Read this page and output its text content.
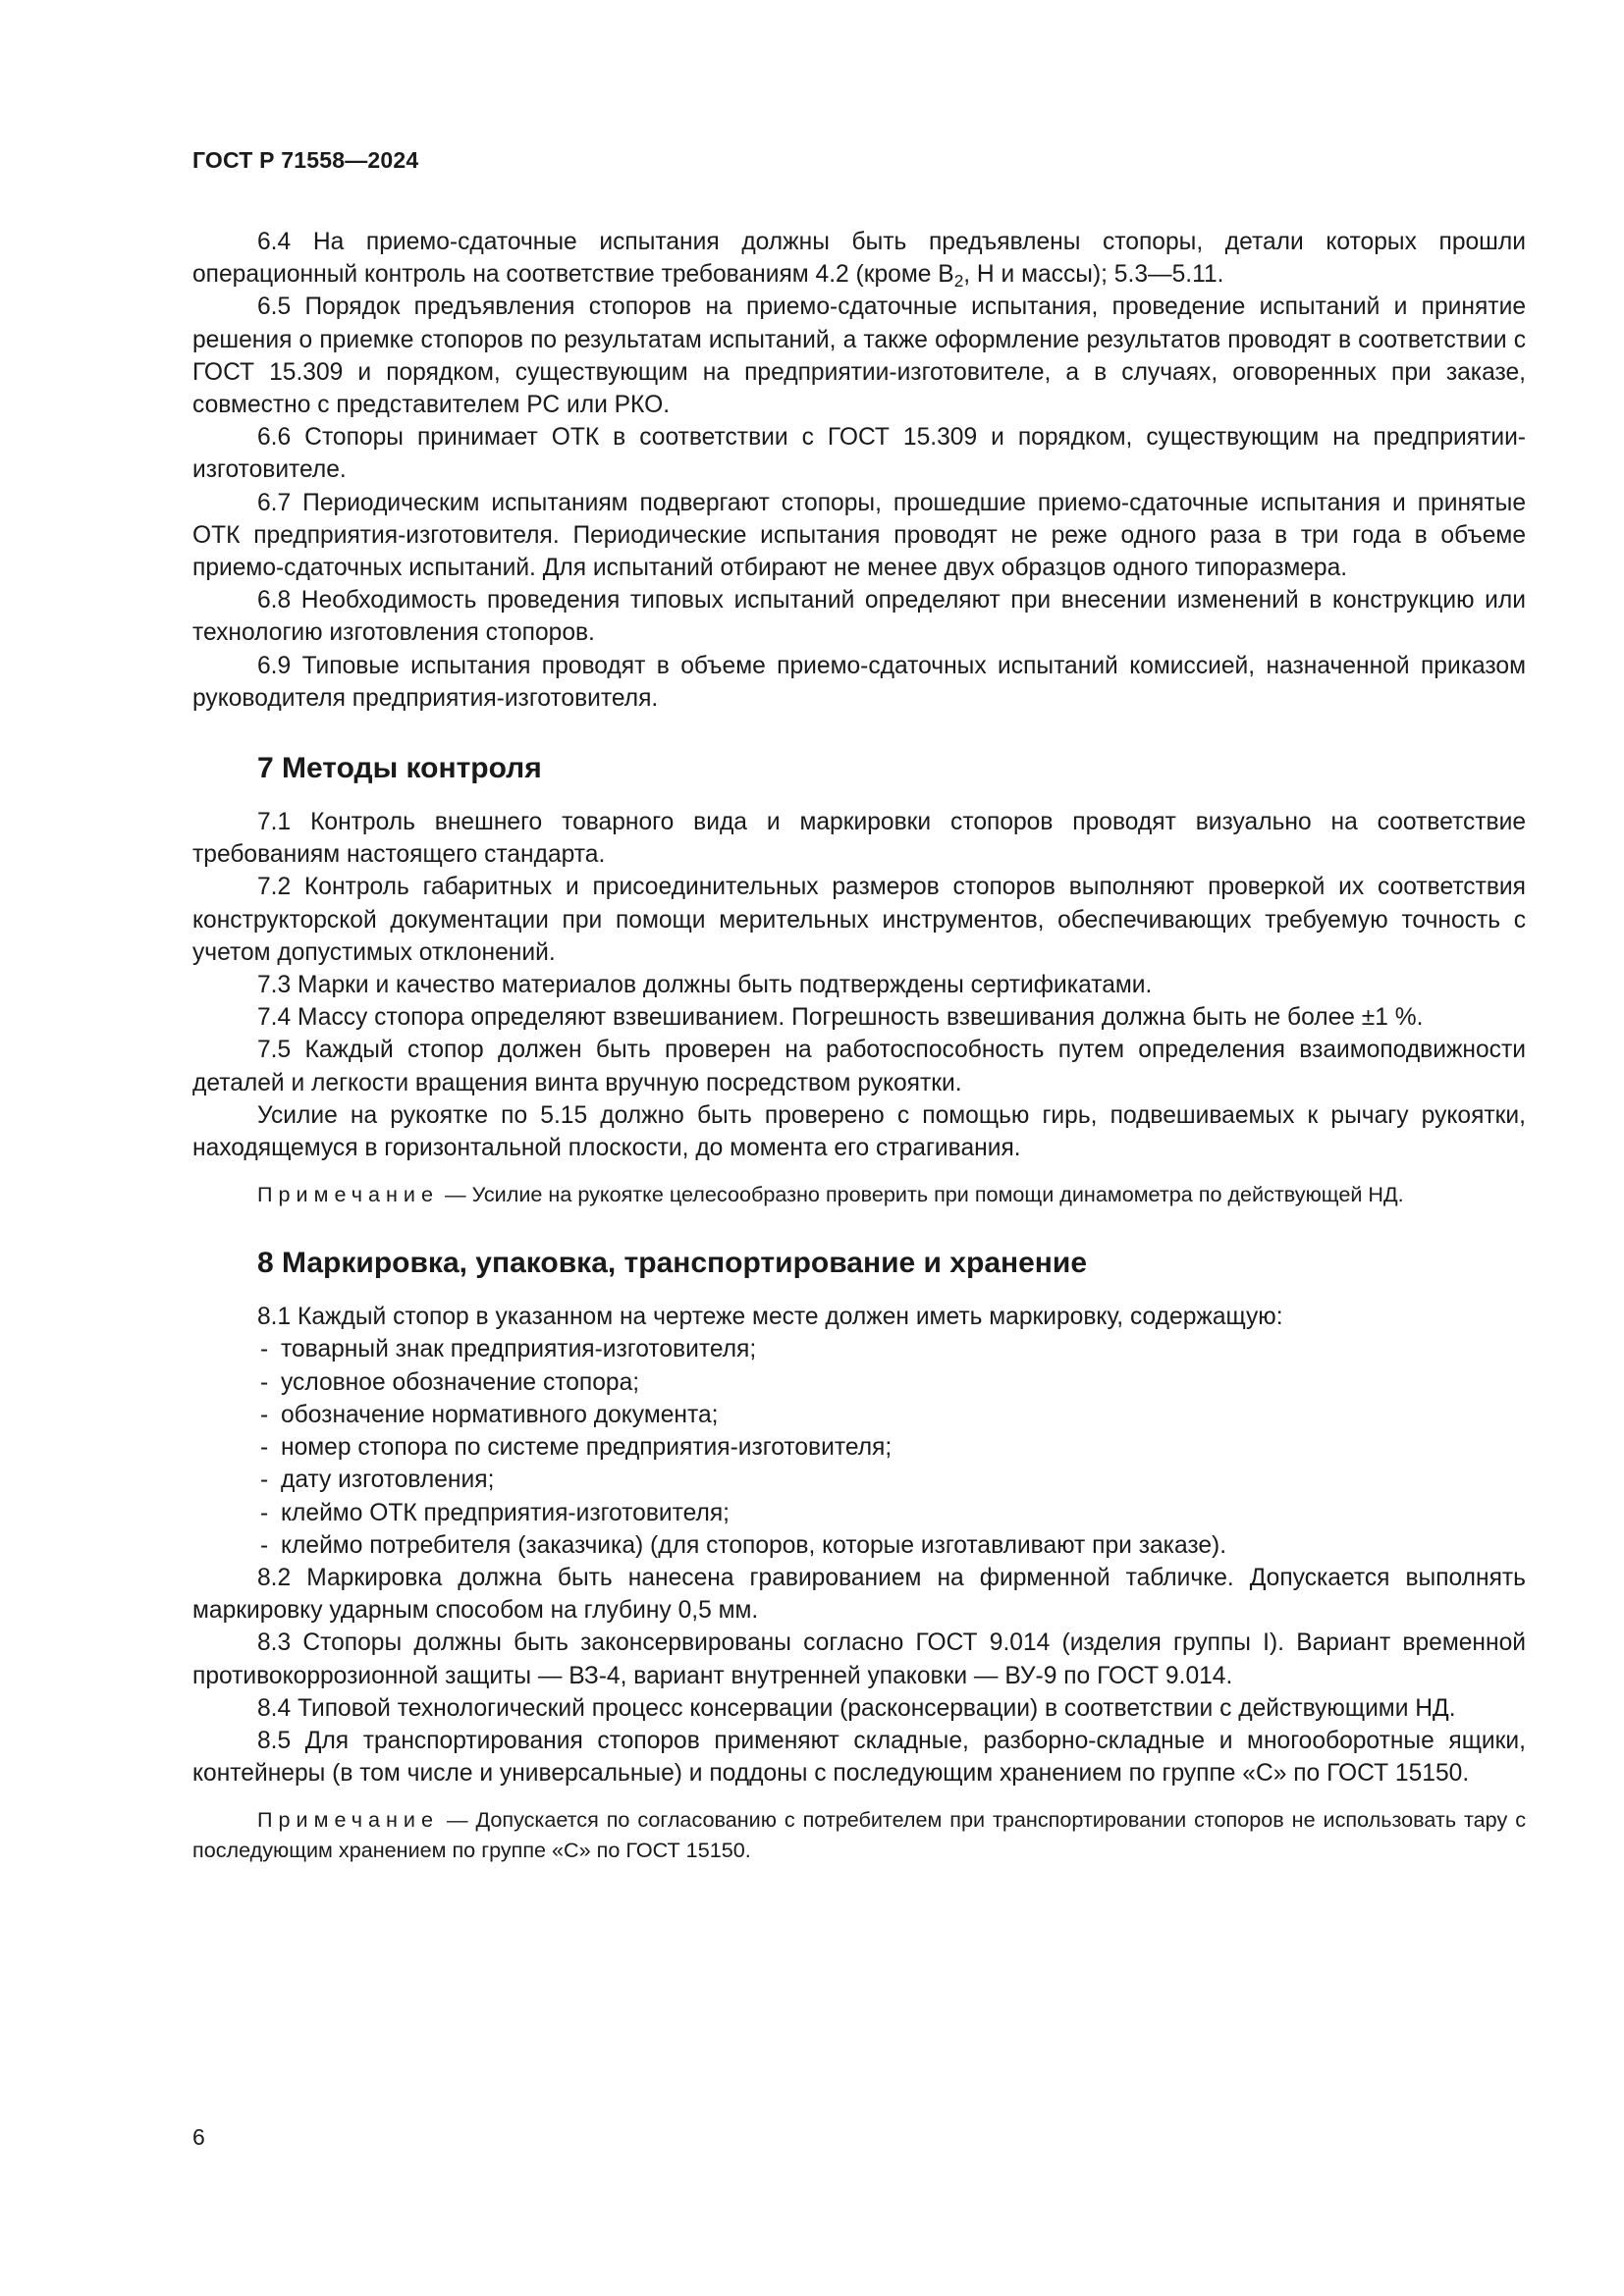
ГОСТ Р 71558—2024

6.4 На приемо-сдаточные испытания должны быть предъявлены стопоры, детали которых прошли операционный контроль на соответствие требованиям 4.2 (кроме $B_2$, Н и массы); 5.3—5.11.

6.5 Порядок предъявления стопоров на приемо-сдаточные испытания, проведение испытаний и принятие решения о приемке стопоров по результатам испытаний, а также оформление результатов проводят в соответствии с ГОСТ 15.309 и порядком, существующим на предприятии-изготовителе, а в случаях, оговоренных при заказе, совместно с представителем РС или РКО.

6.6 Стопоры принимает ОТК в соответствии с ГОСТ 15.309 и порядком, существующим на предприятии-изготовителе.

6.7 Периодическим испытаниям подвергают стопоры, прошедшие приемо-сдаточные испытания и принятые ОТК предприятия-изготовителя. Периодические испытания проводят не реже одного раза в три года в объеме приемо-сдаточных испытаний. Для испытаний отбирают не менее двух образцов одного типоразмера.

6.8 Необходимость проведения типовых испытаний определяют при внесении изменений в конструкцию или технологию изготовления стопоров.

6.9 Типовые испытания проводят в объеме приемо-сдаточных испытаний комиссией, назначенной приказом руководителя предприятия-изготовителя.

7 Методы контроля

7.1 Контроль внешнего товарного вида и маркировки стопоров проводят визуально на соответствие требованиям настоящего стандарта.

7.2 Контроль габаритных и присоединительных размеров стопоров выполняют проверкой их соответствия конструкторской документации при помощи мерительных инструментов, обеспечивающих требуемую точность с учетом допустимых отклонений.

7.3 Марки и качество материалов должны быть подтверждены сертификатами.

7.4 Массу стопора определяют взвешиванием. Погрешность взвешивания должна быть не более ±1 %.

7.5 Каждый стопор должен быть проверен на работоспособность путем определения взаимоподвижности деталей и легкости вращения винта вручную посредством рукоятки.

Усилие на рукоятке по 5.15 должно быть проверено с помощью гирь, подвешиваемых к рычагу рукоятки, находящемуся в горизонтальной плоскости, до момента его страгивания.

Примечание — Усилие на рукоятке целесообразно проверить при помощи динамометра по действующей НД.

8 Маркировка, упаковка, транспортирование и хранение

8.1 Каждый стопор в указанном на чертеже месте должен иметь маркировку, содержащую:

- товарный знак предприятия-изготовителя;
- условное обозначение стопора;
- обозначение нормативного документа;
- номер стопора по системе предприятия-изготовителя;
- дату изготовления;
- клеймо ОТК предприятия-изготовителя;
- клеймо потребителя (заказчика) (для стопоров, которые изготавливают при заказе).

8.2 Маркировка должна быть нанесена гравированием на фирменной табличке. Допускается выполнять маркировку ударным способом на глубину 0,5 мм.

8.3 Стопоры должны быть законсервированы согласно ГОСТ 9.014 (изделия группы I). Вариант временной противокоррозионной защиты — ВЗ-4, вариант внутренней упаковки — ВУ-9 по ГОСТ 9.014.

8.4 Типовой технологический процесс консервации (расконсервации) в соответствии с действующими НД.

8.5 Для транспортирования стопоров применяют складные, разборно-складные и многооборотные ящики, контейнеры (в том числе и универсальные) и поддоны с последующим хранением по группе «С» по ГОСТ 15150.

Примечание — Допускается по согласованию с потребителем при транспортировании стопоров не использовать тару с последующим хранением по группе «С» по ГОСТ 15150.

6
